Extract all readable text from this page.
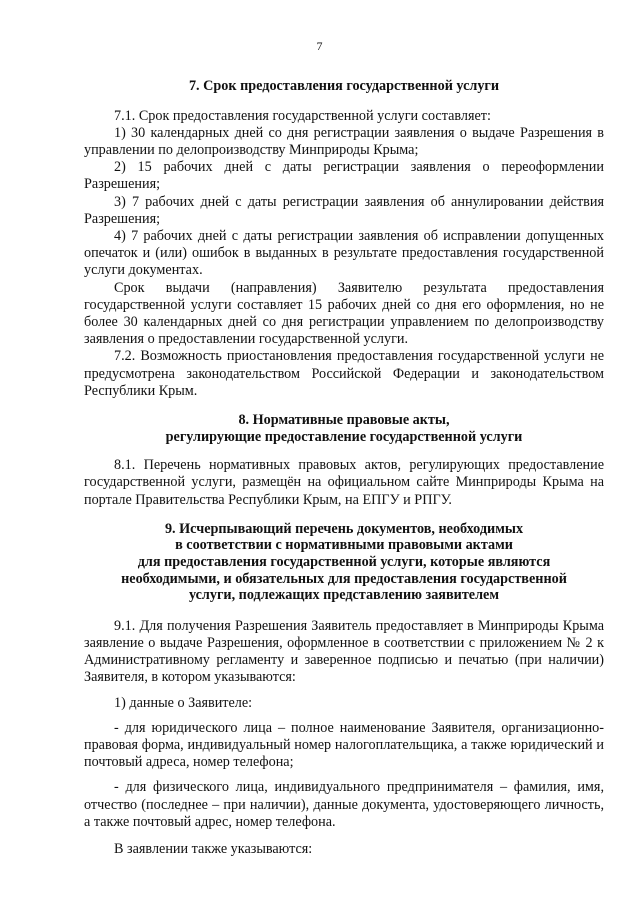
7
7. Срок предоставления государственной услуги

7.1. Срок предоставления государственной услуги составляет:

1) 30 календарных дней со дня регистрации заявления о выдаче Разрешения в управлении по делопроизводству Минприроды Крыма;

2) 15 рабочих дней с даты регистрации заявления о переоформлении Разрешения;

3) 7 рабочих дней с даты регистрации заявления об аннулировании действия Разрешения;

4) 7 рабочих дней с даты регистрации заявления об исправлении допущенных опечаток и (или) ошибок в выданных в результате предоставления государственной услуги документах.

Срок выдачи (направления) Заявителю результата предоставления государственной услуги составляет 15 рабочих дней со дня его оформления, но не более 30 календарных дней со дня регистрации управлением по делопроизводству заявления о предоставлении государственной услуги.

7.2. Возможность приостановления предоставления государственной услуги не предусмотрена законодательством Российской Федерации и законодательством Республики Крым.

8. Нормативные правовые акты,
регулирующие предоставление государственной услуги

8.1. Перечень нормативных правовых актов, регулирующих предоставление государственной услуги, размещён на официальном сайте Минприроды Крыма на портале Правительства Республики Крым, на ЕПГУ и РПГУ.

9. Исчерпывающий перечень документов, необходимых
в соответствии с нормативными правовыми актами
для предоставления государственной услуги, которые являются
необходимыми, и обязательных для предоставления государственной
услуги, подлежащих представлению заявителем

9.1. Для получения Разрешения Заявитель предоставляет в Минприроды Крыма заявление о выдаче Разрешения, оформленное в соответствии с приложением № 2 к Административному регламенту и заверенное подписью и печатью (при наличии) Заявителя, в котором указываются:

1) данные о Заявителе:

- для юридического лица – полное наименование Заявителя, организационно-правовая форма, индивидуальный номер налогоплательщика, а также юридический и почтовый адреса, номер телефона;

- для физического лица, индивидуального предпринимателя – фамилия, имя, отчество (последнее – при наличии), данные документа, удостоверяющего личность, а также почтовый адрес, номер телефона.

В заявлении также указываются:
